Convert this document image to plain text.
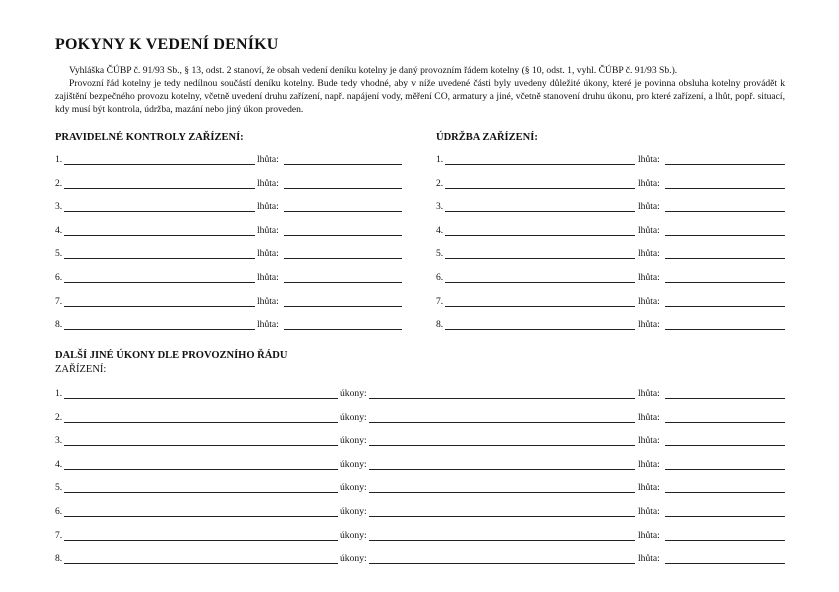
POKYNY K VEDENÍ DENÍKU

Vyhláška ČÚBP č. 91/93 Sb., § 13, odst. 2 stanoví, že obsah vedení deníku kotelny je daný provozním řádem kotelny (§ 10, odst. 1, vyhl. ČÚBP č. 91/93 Sb.).

Provozní řád kotelny je tedy nedílnou součástí deníku kotelny. Bude tedy vhodné, aby v níže uvedené části byly uvedeny důležité úkony, které je povinna obsluha kotelny provádět k zajištění bezpečného provozu kotelny, včetně uvedení druhu zařízení, např. napájení vody, měření CO, armatury a jiné, včetně stanovení druhu úkonu, pro které zařízení, a lhůt, popř. situací, kdy musí být kontrola, údržba, mazání nebo jiný úkon proveden.

PRAVIDELNÉ KONTROLY ZAŘÍZENÍ:	ÚDRŽBA ZAŘÍZENÍ:
1.	lhůta:
2.	lhůta:
3.	lhůta:
4.	lhůta:
5.	lhůta:
6.	lhůta:
7.	lhůta:
8.	lhůta:
1.	lhůta:
2.	lhůta:
3.	lhůta:
4.	lhůta:
5.	lhůta:
6.	lhůta:
7.	lhůta:
8.	lhůta:
DALŠÍ JINÉ ÚKONY DLE PROVOZNÍHO ŘÁDU
ZAŘÍZENÍ:
1.	úkony:	lhůta:
2.	úkony:	lhůta:
3.	úkony:	lhůta:
4.	úkony:	lhůta:
5.	úkony:	lhůta:
6.	úkony:	lhůta:
7.	úkony:	lhůta:
8.	úkony:	lhůta:
